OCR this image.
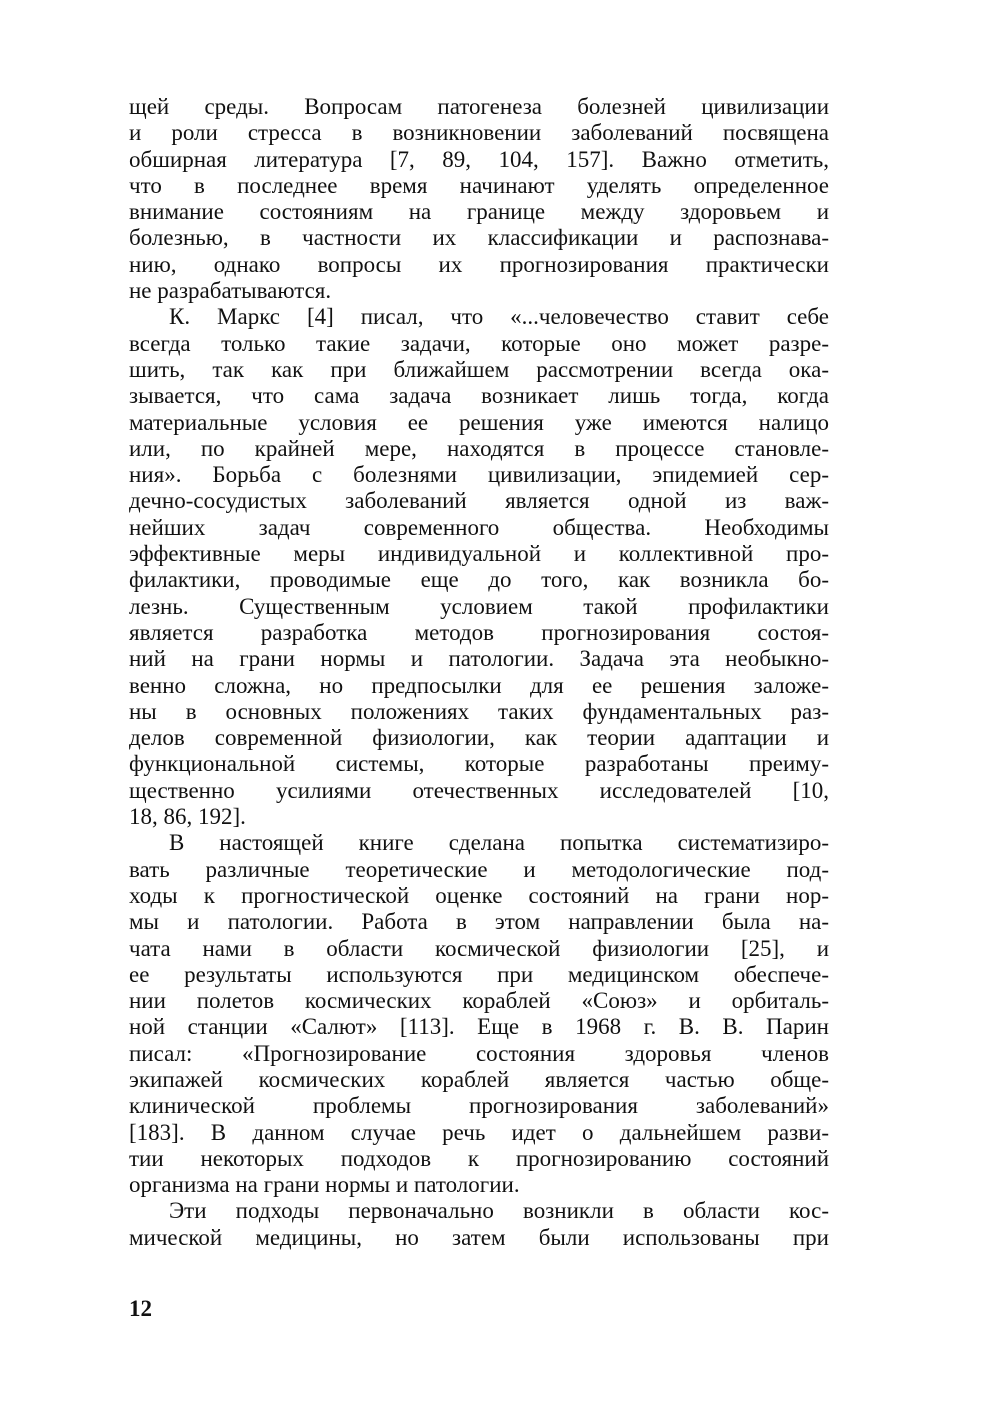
щей среды. Вопросам патогенеза болезней цивилизации
и роли стресса в возникновении заболеваний посвящена
обширная литература [7, 89, 104, 157]. Важно отметить,
что в последнее время начинают уделять определенное
внимание состояниям на границе между здоровьем и
болезнью, в частности их классификации и распознава-
нию, однако вопросы их прогнозирования практически
не разрабатываются.
К. Маркс [4] писал, что «...человечество ставит себе
всегда только такие задачи, которые оно может разре-
шить, так как при ближайшем рассмотрении всегда ока-
зывается, что сама задача возникает лишь тогда, когда
материальные условия ее решения уже имеются налицо
или, по крайней мере, находятся в процессе становле-
ния». Борьба с болезнями цивилизации, эпидемией сер-
дечно-сосудистых заболеваний является одной из важ-
нейших задач современного общества. Необходимы
эффективные меры индивидуальной и коллективной про-
филактики, проводимые еще до того, как возникла бо-
лезнь. Существенным условием такой профилактики
является разработка методов прогнозирования состоя-
ний на грани нормы и патологии. Задача эта необыкно-
венно сложна, но предпосылки для ее решения заложе-
ны в основных положениях таких фундаментальных раз-
делов современной физиологии, как теории адаптации и
функциональной системы, которые разработаны преиму-
щественно усилиями отечественных исследователей [10,
18, 86, 192].
В настоящей книге сделана попытка систематизиро-
вать различные теоретические и методологические под-
ходы к прогностической оценке состояний на грани нор-
мы и патологии. Работа в этом направлении была на-
чата нами в области космической физиологии [25], и
ее результаты используются при медицинском обеспече-
нии полетов космических кораблей «Союз» и орбиталь-
ной станции «Салют» [113]. Еще в 1968 г. В. В. Парин
писал: «Прогнозирование состояния здоровья членов
экипажей космических кораблей является частью обще-
клинической проблемы прогнозирования заболеваний»
[183]. В данном случае речь идет о дальнейшем разви-
тии некоторых подходов к прогнозированию состояний
организма на грани нормы и патологии.
Эти подходы первоначально возникли в области кос-
мической медицины, но затем были использованы при
12
